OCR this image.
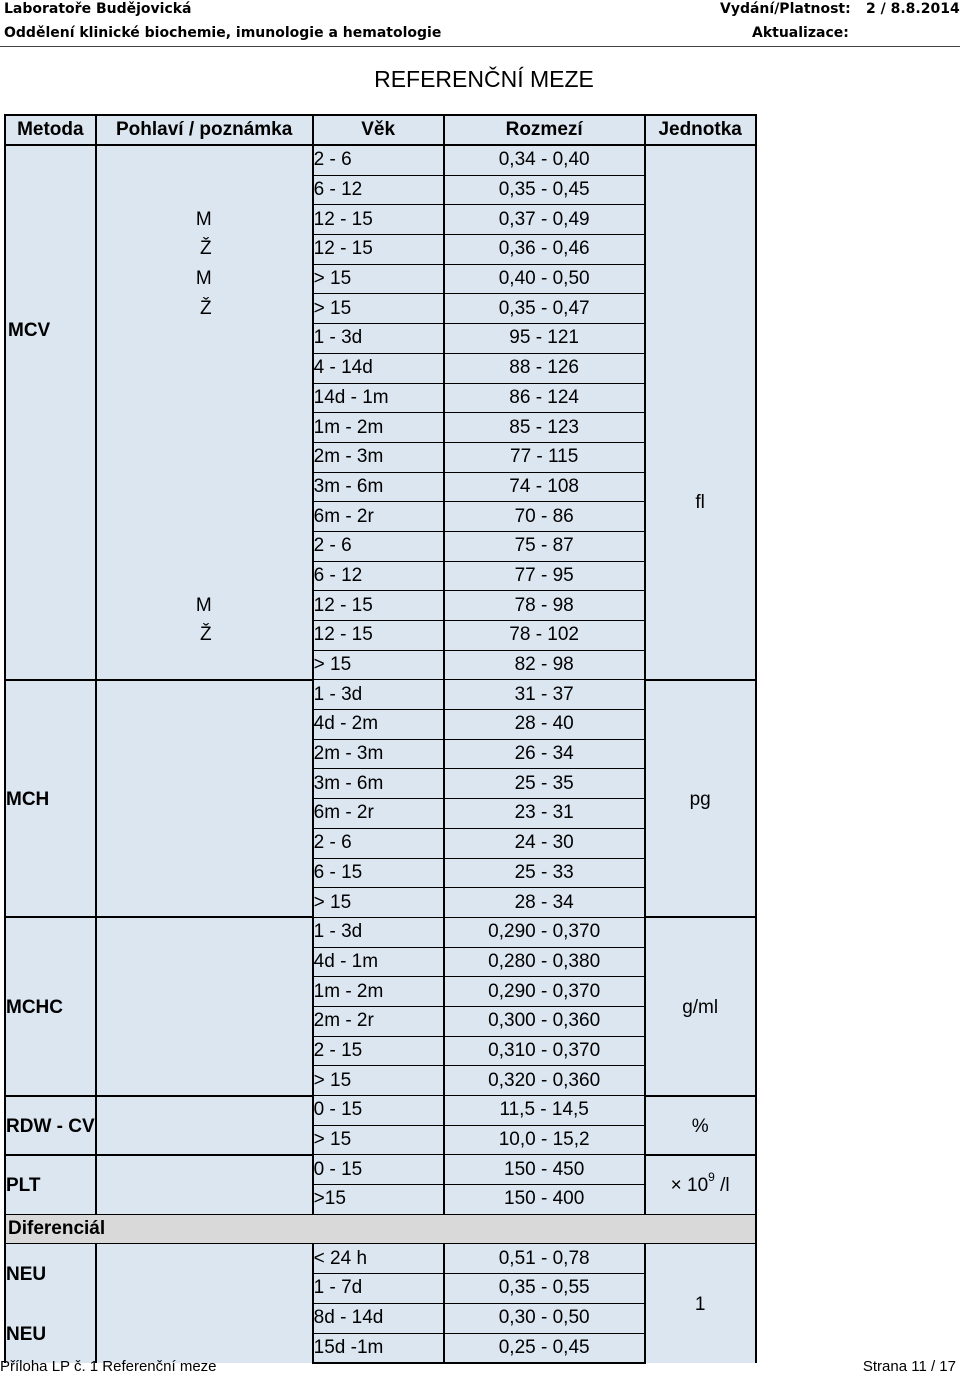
Laboratoře Budějovická
Oddělení klinické biochemie, imunologie a hematologie
Vydání/Platnost: 2 / 8.8.2014
Aktualizace:
REFERENČNÍ MEZE
Metoda	Pohlaví / poznámka	Věk	Rozmezí	Jednotka

MCV		2 - 6	0,34 - 0,40	
		6 - 12	0,35 - 0,45	
	M	12 - 15	0,37 - 0,49	
	Ž	12 - 15	0,36 - 0,46	
	M	> 15	0,40 - 0,50	
	Ž	> 15	0,35 - 0,47	
		1 - 3d	95 - 121	fl

		4 - 14d	88 - 126	
		14d - 1m	86 - 124	
		1m - 2m	85 - 123	
		2m - 3m	77 - 115	
		3m - 6m	74 - 108	
		6m - 2r	70 - 86	
		2 - 6	75 - 87	
		6 - 12	77 - 95	
	M	12 - 15	78 - 98	
	Ž	12 - 15	78 - 102	
		> 15	82 - 98	

MCH		1 - 3d	31 - 37	pg

		4d - 2m	28 - 40	
		2m - 3m	26 - 34	
		3m - 6m	25 - 35	
		6m - 2r	23 - 31	
		2 - 6	24 - 30	
		6 - 15	25 - 33	
		> 15	28 - 34	

MCHC		1 - 3d	0,290 - 0,370	g/ml

		4d - 1m	0,280 - 0,380	
		1m - 2m	0,290 - 0,370	
		2m - 2r	0,300 - 0,360	
		2 - 15	0,310 - 0,370	
		> 15	0,320 - 0,360	

RDW - CV		0 - 15	11,5 - 14,5	%

		> 15	10,0 - 15,2	

PLT		0 - 15	150 - 450	× $10^9$ /l

		>15	150 - 400	
Diferenciál				

NEU		< 24 h	0,51 - 0,78	1

		1 - 7d	0,35 - 0,55	

NEU		8d - 14d	0,30 - 0,50	
		15d -1m	0,25 - 0,45	
Příloha LP č. 1 Referenční meze	Strana 11 / 17
